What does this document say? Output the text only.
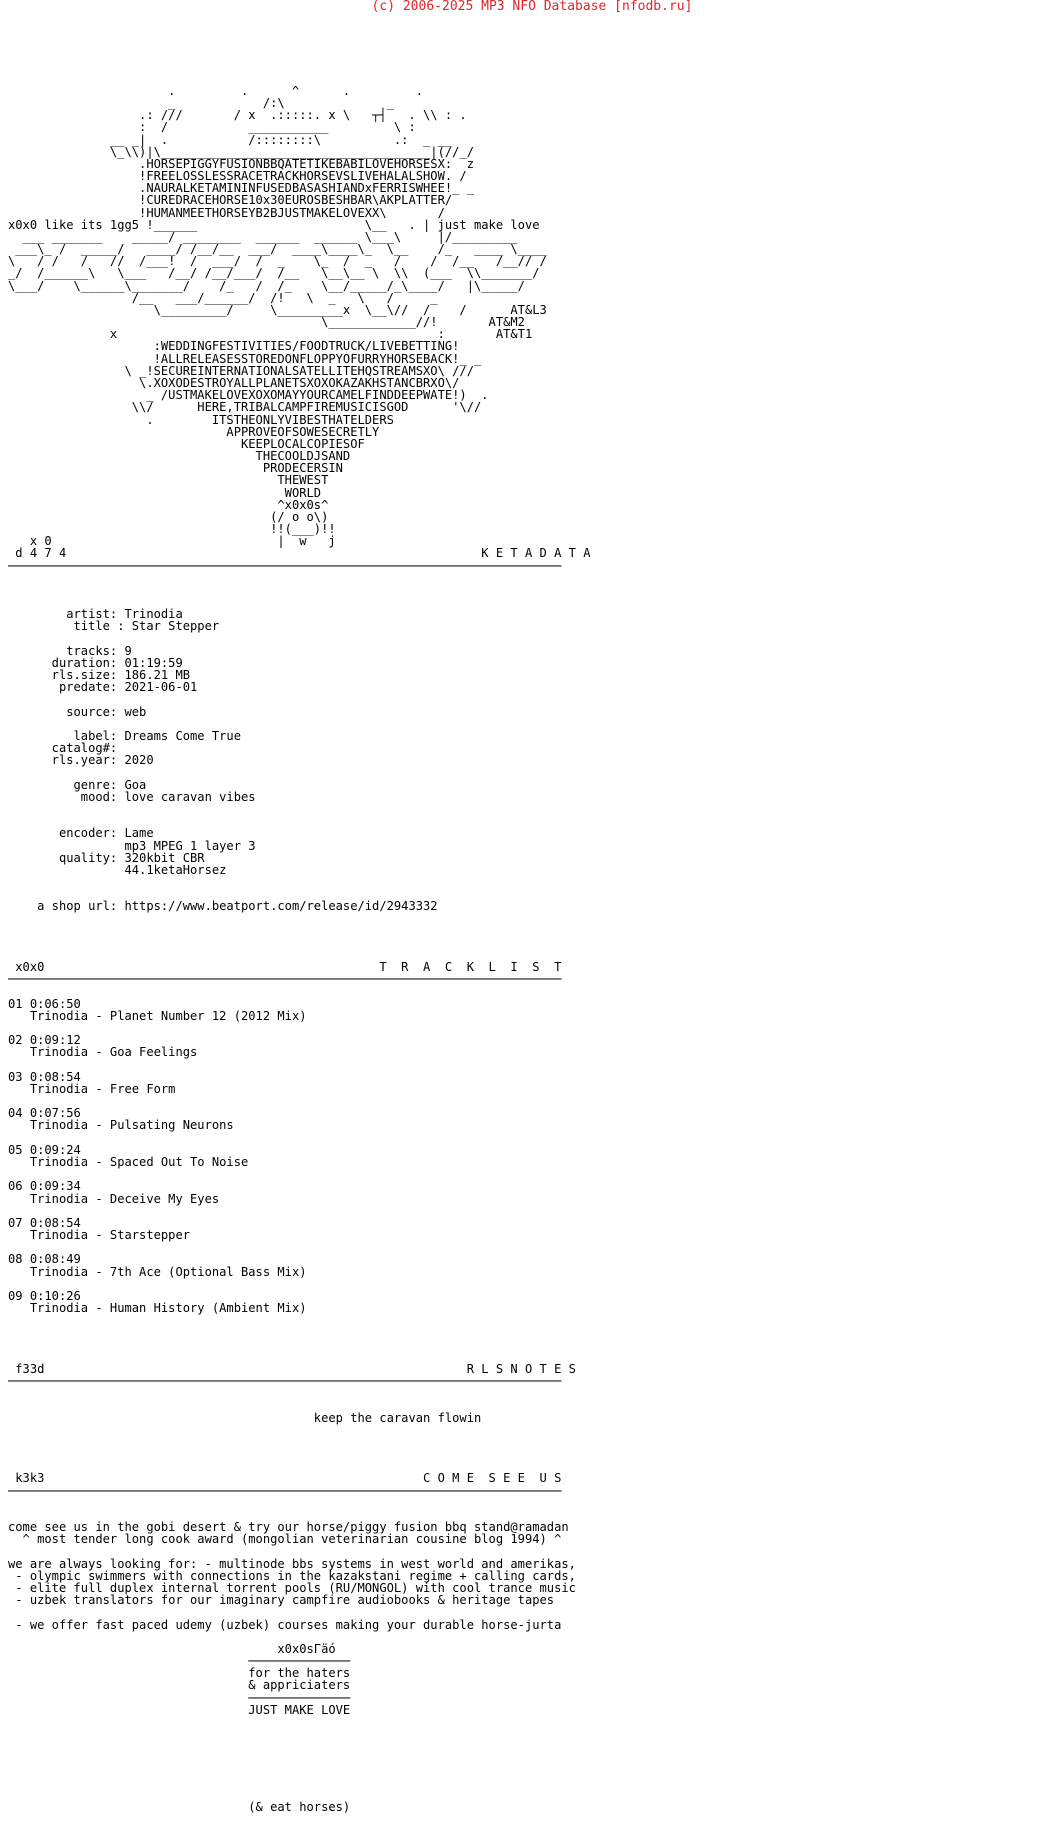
(c) 2006-2025 MP3 NFO Database [nfodb.ru]

.         .      ^      .         .
_            /:\              _
.: ///       / x  .:::::. x \   ┬┤   . \\ : .
:  /           ___________         \ :
__ _|  .           /::::::::\          .:  _ __
\_\\)|\_____________________________________|(//_/
.HORSEPIGGYFUSIONBBQATETIKEBABILOVEHORSESX:  z
!FREELOSSLESSRACETRACKHORSEVSLIVEHALALSHOW. /
.NAURALKETAMININFUSEDBASASHIANDxFERRISWHEE!_ _
!CUREDRACEHORSE10x30EUROSBESHBAR\AKPLATTER/
!HUMANMEETHORSEYB2BJUSTMAKELOVEXX\       /
x0x0 like its 1gg5 !______                       \__   . | just make love
___ _______    _____/ ________  ______  ______ \___\     |/_________
___\_ /  _____/   ____/ /__/__  ___/  ____\____\_  \__    /_   ____ \____
\   / /   /   //  /___!  /  ___/  /  _    \_  /  _   /    /  /__   /__// /
_/  /______\   \___   /__/ /__/___/  /__   \__\__ \  \\  (___  \\_______/
\___/    \______\_______/    /_   /  /_    \__/_____/_\____/   |\_____/
/__   ___/______/  /!   \  _   \   /     _
\_________/     \_________x  \__\//  /    /      AT&L3
\____________//!       AT&M2
x                                            :       AT&T1
:WEDDINGFESTIVITIES/FOODTRUCK/LIVEBETTING!
!ALLRELEASESSTOREDONFLOPPYOFURRYHORSEBACK!_ _
\ _!SECUREINTERNATIONALSATELLITEHQSTREAMSXO\ ///
\.XOXODESTROYALLPLANETSXOXOKAZAKHSTANCBRXO\/
_ /USTMAKELOVEXOXOMAYYOURCAMELFINDDEEPWATE!)  .
\\/      HERE,TRIBALCAMPFIREMUSICISGOD      '\//
.        ITSTHEONLYVIBESTHATELDERS
APPROVEOFSOWESECRETLY
KEEPLOCALCOPIESOF
THECOOLDJSAND
PRODECERSIN
THEWEST
WORLD
^x0x0s^
(/ o o\)
!!(___)!!
x 0                               |  w   j
d 4 7 4                                                         K E T A D A T A
────────────────────────────────────────────────────────────────────────────

artist: Trinodia
title : Star Stepper

tracks: 9
duration: 01:19:59
rls.size: 186.21 MB
predate: 2021-06-01

source: web

label: Dreams Come True
catalog#:
rls.year: 2020

genre: Goa
mood: love caravan vibes

encoder: Lame
mp3 MPEG 1 layer 3
quality: 320kbit CBR
44.1ketaHorsez

a shop url: https://www.beatport.com/release/id/2943332

x0x0                                              T  R  A  C  K  L  I  S  T
────────────────────────────────────────────────────────────────────────────

01 0:06:50
Trinodia - Planet Number 12 (2012 Mix)

02 0:09:12
Trinodia - Goa Feelings

03 0:08:54
Trinodia - Free Form

04 0:07:56
Trinodia - Pulsating Neurons

05 0:09:24
Trinodia - Spaced Out To Noise

06 0:09:34
Trinodia - Deceive My Eyes

07 0:08:54
Trinodia - Starstepper

08 0:08:49
Trinodia - 7th Ace (Optional Bass Mix)

09 0:10:26
Trinodia - Human History (Ambient Mix)

f33d                                                          R L S N O T E S
────────────────────────────────────────────────────────────────────────────

keep the caravan flowin

k3k3                                                    C O M E  S E E  U S
────────────────────────────────────────────────────────────────────────────

come see us in the gobi desert & try our horse/piggy fusion bbq stand@ramadan
^ most tender long cook award (mongolian veterinarian cousine blog 1994) ^

we are always looking for: - multinode bbs systems in west world and amerikas,
- olympic swimmers with connections in the kazakstani regime + calling cards,
- elite full duplex internal torrent pools (RU/MONGOL) with cool trance music
- uzbek translators for our imaginary campfire audiobooks & heritage tapes

- we offer fast paced udemy (uzbek) courses making your durable horse-jurta

x0x0sΓäó
──────────────
for the haters
& appriciaters
──────────────
JUST MAKE LOVE

(& eat horses)
